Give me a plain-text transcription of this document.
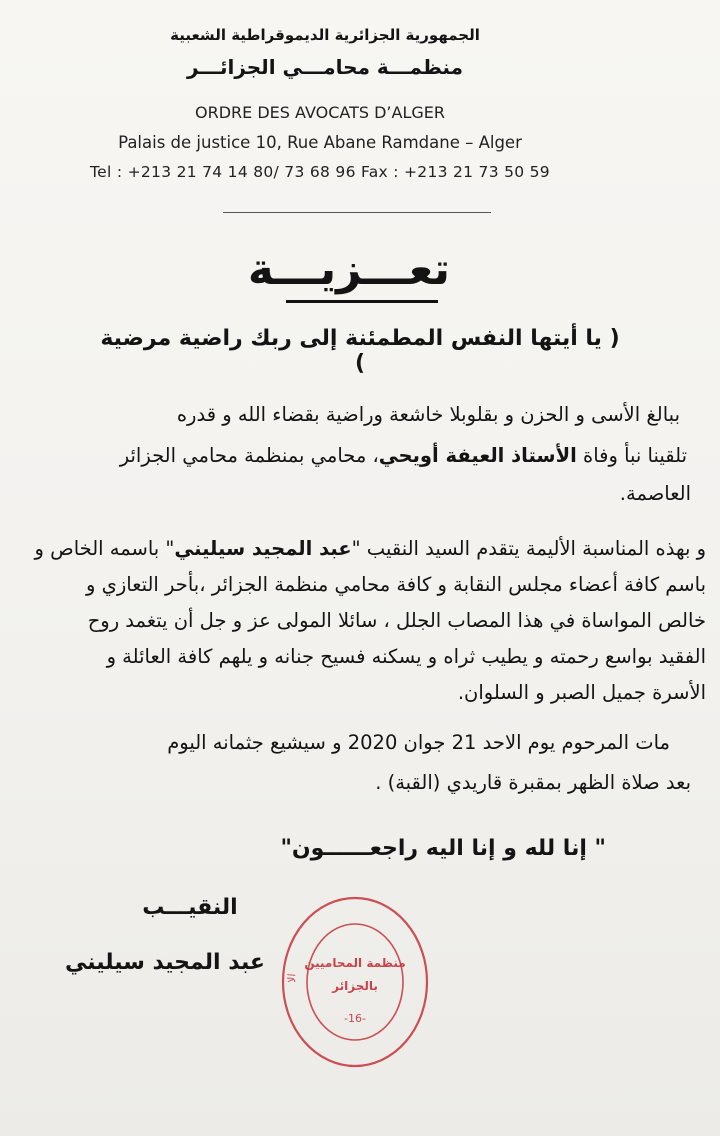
الجمهورية الجزائرية الديموقراطية الشعبية
منظمـــة محامـــي الجزائـــر
ORDRE DES AVOCATS D’ALGER
Palais de justice 10, Rue Abane Ramdane – Alger
Tel : +213 21 74 14 80/ 73 68 96 Fax : +213 21 73 50 59
تعـــزيـــة
( يا أيتها النفس المطمئنة إلى ربك راضية مرضية )
ببالغ الأسى و الحزن و بقلوبلا خاشعة وراضية بقضاء الله و قدره
تلقينا نبأ وفاة الأستاذ العيفة أويحي، محامي بمنظمة محامي الجزائر
العاصمة.
و بهذه المناسبة الأليمة يتقدم السيد النقيب "عبد المجيد سيليني" باسمه الخاص و
باسم كافة أعضاء مجلس النقابة و كافة محامي منظمة الجزائر ،بأحر التعازي و
خالص المواساة في هذا المصاب الجلل ، سائلا المولى عز و جل أن يتغمد روح
الفقيد بواسع رحمته و يطيب ثراه و يسكنه فسيح جنانه و يلهم كافة العائلة و
الأسرة جميل الصبر و السلوان.
مات المرحوم يوم الاحد 21 جوان 2020 و سيشيع جثمانه اليوم
بعد صلاة الظهر بمقبرة قاريدي (القبة) .
" إنا لله و إنا اليه راجعــــــون"
النقيـــب
عبد المجيد سيليني
الا
منظمة المحاميين
بالجزائر
-16-
